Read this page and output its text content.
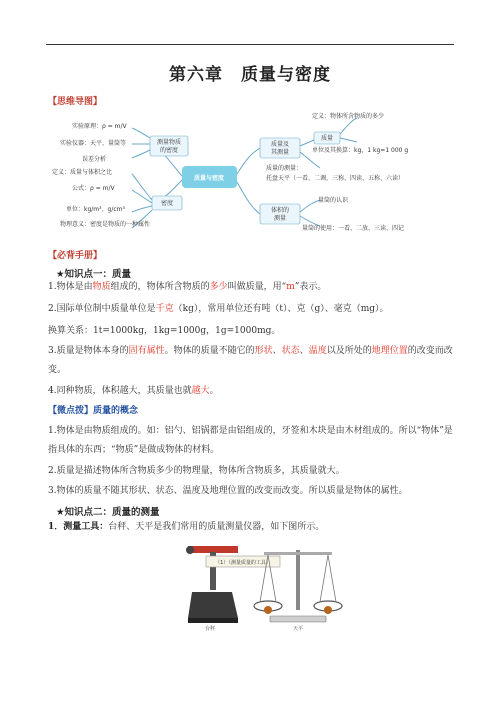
第六章　质量与密度
【思维导图】
质量与密度
测量物质
的密度
密度
实验原理：ρ = m/V
实验仪器：天平、量筒等
误差分析
定义：质量与体积之比
公式：ρ = m/V
单位：kg/m³、g/cm³
物理意义：密度是物质的一种属性
质量及
其测量
体积的
测量
质量
定义：物体所含物质的多少
单位及其换算：kg，1 kg=1 000 g
质量的测量：
托盘天平（一看、二调、三称、四读、五称、六读）
量筒的认识
量筒的使用：一看、二放、三读、四记
【必背手册】
★知识点一：质量
1.物体是由物质组成的，物体所含物质的多少叫做质量，用“m”表示。
2.国际单位制中质量单位是千克（kg），常用单位还有吨（t）、克（g）、毫克（mg）。
换算关系：1t=1000kg，1kg=1000g，1g=1000mg。
3.质量是物体本身的固有属性。物体的质量不随它的形状、状态、温度以及所处的地理位置的改变而改变。
4.同种物质，体积越大，其质量也就越大。
【微点拨】质量的概念
1.物体是由物质组成的。如：铝勺、铝锅都是由铝组成的，牙签和木块是由木材组成的。所以“物体”是指具体的东西；“物质”是做成物体的材料。
2.质量是描述物体所含物质多少的物理量，物体所含物质多，其质量就大。
3.物体的质量不随其形状、状态、温度及地理位置的改变而改变。所以质量是物体的属性。
★知识点二：质量的测量
1．测量工具：台秤、天平是我们常用的质量测量仪器，如下图所示。
（1）（测量质量的工具）
台秤	天平
